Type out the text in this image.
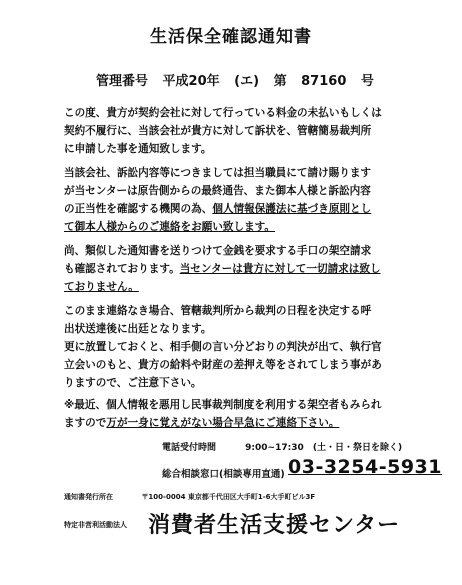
生活保全確認通知書
管理番号 平成20年 (エ) 第 87160 号
この度、貴方が契約会社に対して行っている料金の未払いもしくは
契約不履行に、当該会社が貴方に対して訴状を、管轄簡易裁判所
に申請した事を通知致します。
当該会社、訴訟内容等につきましては担当職員にて請け賜ります
が当センターは原告側からの最終通告、また御本人様と訴訟内容
の正当性を確認する機関の為、個人情報保護法に基づき原則とし
て御本人様からのご連絡をお願い致します。
尚、類似した通知書を送りつけて金銭を要求する手口の架空請求
も確認されております。当センターは貴方に対して一切請求は致し
ておりません。
このまま連絡なき場合、管轄裁判所から裁判の日程を決定する呼
出状送達後に出廷となります。
更に放置しておくと、相手側の言い分どおりの判決が出て、執行官
立会いのもと、貴方の給料や財産の差押え等をされてしまう事があ
りますので、ご注意下さい。
※最近、個人情報を悪用し民事裁判制度を利用する架空者もみられ
ますので万が一身に覚えがない場合早急にご連絡下さい。
電話受付時間	9:00~17:30 (土・日・祭日を除く)
総合相談窓口(相談専用直通) 03-3254-5931
通知書発行所在	〒100-0004 東京都千代田区大手町1-6大手町ビル3F
特定非営利活動法人 消費者生活支援センター
